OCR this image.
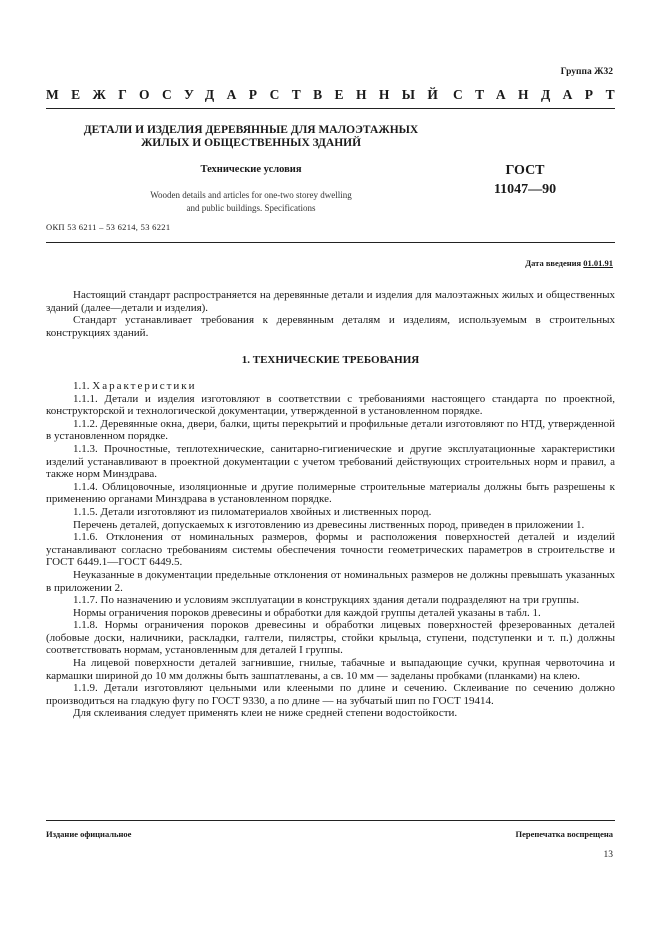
Группа Ж32
МЕЖГОСУДАРСТВЕННЫЙ СТАНДАРТ
ДЕТАЛИ И ИЗДЕЛИЯ ДЕРЕВЯННЫЕ ДЛЯ МАЛОЭТАЖНЫХ
ЖИЛЫХ И ОБЩЕСТВЕННЫХ ЗДАНИЙ
Технические условия	ГОСТ
11047—90
Wooden details and articles for one-two storey dwelling
and public buildings. Specifications
ОКП 53 6211 – 53 6214, 53 6221
Дата введения 01.01.91

Настоящий стандарт распространяется на деревянные детали и изделия для малоэтажных жилых и общественных зданий (далее—детали и изделия).

Стандарт устанавливает требования к деревянным деталям и изделиям, используемым в строительных конструкциях зданий.

1. ТЕХНИЧЕСКИЕ ТРЕБОВАНИЯ

1.1. Характеристики

1.1.1. Детали и изделия изготовляют в соответствии с требованиями настоящего стандарта по проектной, конструкторской и технологической документации, утвержденной в установленном порядке.

1.1.2. Деревянные окна, двери, балки, щиты перекрытий и профильные детали изготовляют по НТД, утвержденной в установленном порядке.

1.1.3. Прочностные, теплотехнические, санитарно-гигиенические и другие эксплуатационные характеристики изделий устанавливают в проектной документации с учетом требований действующих строительных норм и правил, а также норм Минздрава.

1.1.4. Облицовочные, изоляционные и другие полимерные строительные материалы должны быть разрешены к применению органами Минздрава в установленном порядке.

1.1.5. Детали изготовляют из пиломатериалов хвойных и лиственных пород.

Перечень деталей, допускаемых к изготовлению из древесины лиственных пород, приведен в приложении 1.

1.1.6. Отклонения от номинальных размеров, формы и расположения поверхностей деталей и изделий устанавливают согласно требованиям системы обеспечения точности геометрических параметров в строительстве и ГОСТ 6449.1—ГОСТ 6449.5.

Неуказанные в документации предельные отклонения от номинальных размеров не должны превышать указанных в приложении 2.

1.1.7. По назначению и условиям эксплуатации в конструкциях здания детали подразделяют на три группы.

Нормы ограничения пороков древесины и обработки для каждой группы деталей указаны в табл. 1.

1.1.8. Нормы ограничения пороков древесины и обработки лицевых поверхностей фрезерованных деталей (лобовые доски, наличники, раскладки, галтели, пилястры, стойки крыльца, ступени, подступенки и т. п.) должны соответствовать нормам, установленным для деталей I группы.

На лицевой поверхности деталей загнившие, гнилые, табачные и выпадающие сучки, крупная червоточина и кармашки шириной до 10 мм должны быть зашпатлеваны, а св. 10 мм — заделаны пробками (планками) на клею.

1.1.9. Детали изготовляют цельными или клееными по длине и сечению. Склеивание по сечению должно производиться на гладкую фугу по ГОСТ 9330, а по длине — на зубчатый шип по ГОСТ 19414.

Для склеивания следует применять клеи не ниже средней степени водостойкости.

Издание официальное	Перепечатка воспрещена
13
